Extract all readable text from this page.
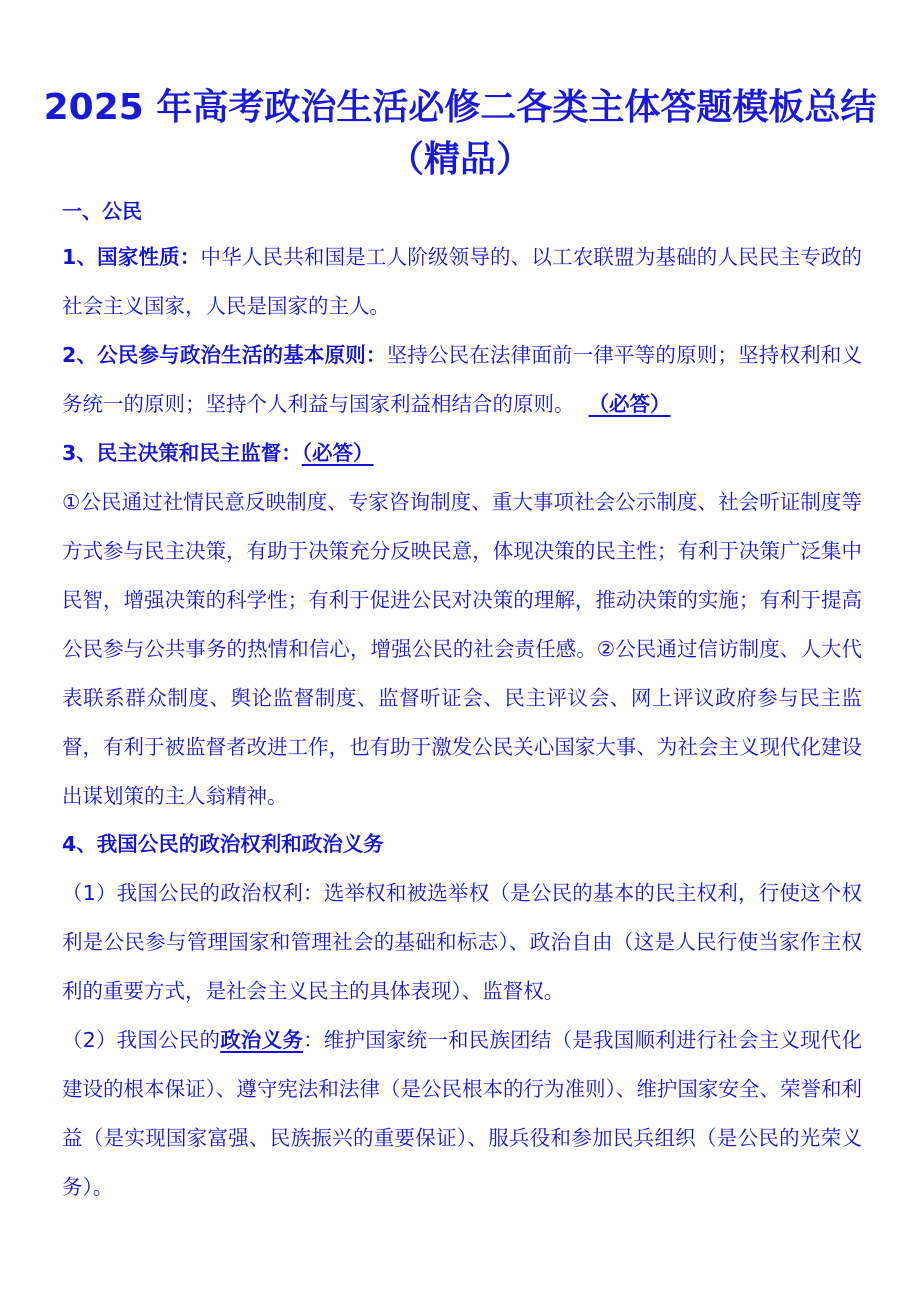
2025 年高考政治生活必修二各类主体答题模板总结（精品）
一、公民
1、国家性质：中华人民共和国是工人阶级领导的、以工农联盟为基础的人民民主专政的社会主义国家，人民是国家的主人。
2、公民参与政治生活的基本原则：坚持公民在法律面前一律平等的原则；坚持权利和义务统一的原则；坚持个人利益与国家利益相结合的原则。 （必答）
3、民主决策和民主监督：（必答）
①公民通过社情民意反映制度、专家咨询制度、重大事项社会公示制度、社会听证制度等方式参与民主决策，有助于决策充分反映民意，体现决策的民主性；有利于决策广泛集中民智，增强决策的科学性；有利于促进公民对决策的理解，推动决策的实施；有利于提高公民参与公共事务的热情和信心，增强公民的社会责任感。②公民通过信访制度、人大代表联系群众制度、舆论监督制度、监督听证会、民主评议会、网上评议政府参与民主监督，有利于被监督者改进工作，也有助于激发公民关心国家大事、为社会主义现代化建设出谋划策的主人翁精神。
4、我国公民的政治权利和政治义务
（1）我国公民的政治权利：选举权和被选举权（是公民的基本的民主权利，行使这个权利是公民参与管理国家和管理社会的基础和标志）、政治自由（这是人民行使当家作主权利的重要方式，是社会主义民主的具体表现）、监督权。
（2）我国公民的政治义务：维护国家统一和民族团结（是我国顺利进行社会主义现代化建设的根本保证）、遵守宪法和法律（是公民根本的行为准则）、维护国家安全、荣誉和利益（是实现国家富强、民族振兴的重要保证）、服兵役和参加民兵组织（是公民的光荣义务）。
